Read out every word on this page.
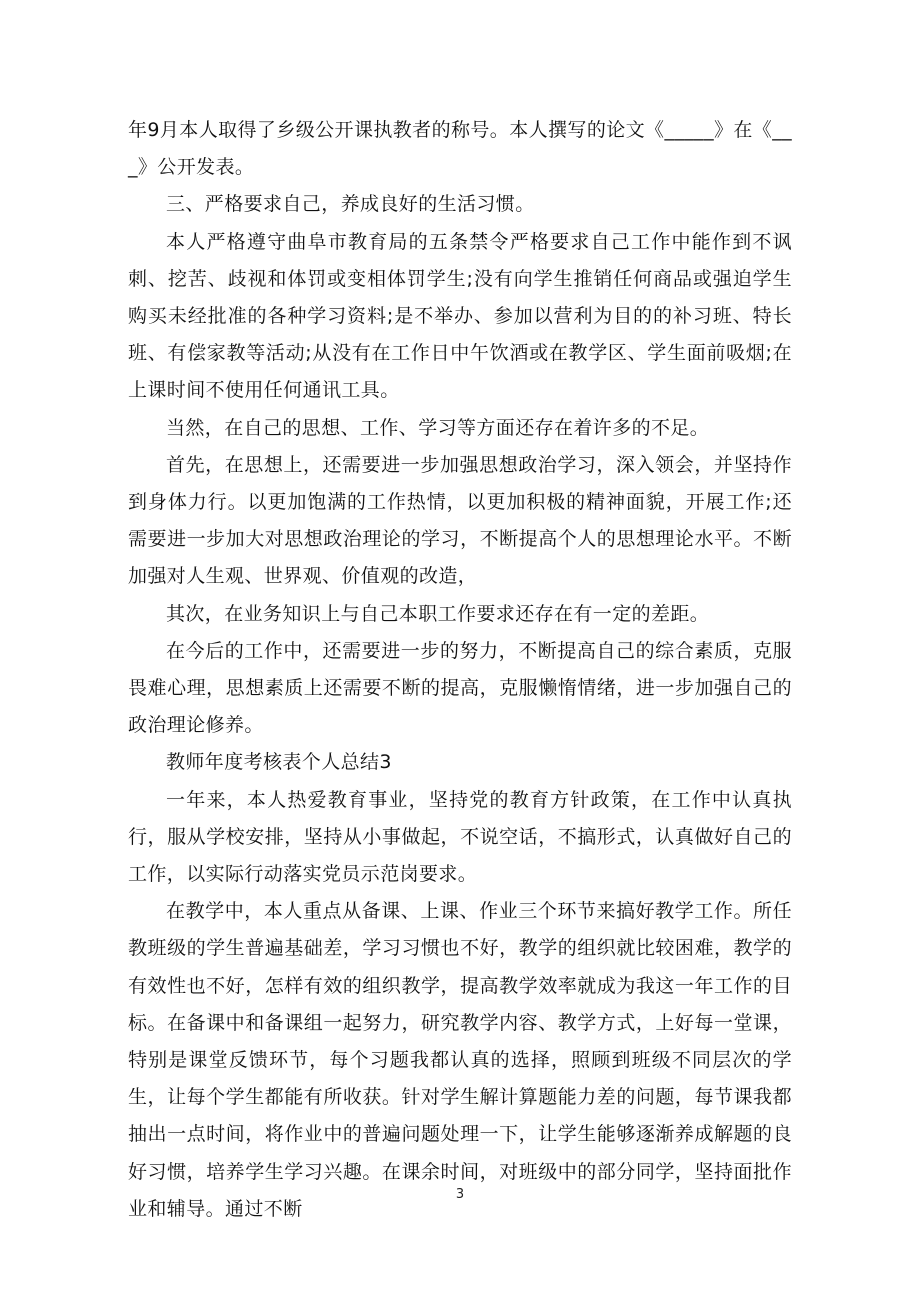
年9月本人取得了乡级公开课执教者的称号。本人撰写的论文《_____》在《___》公开发表。

三、严格要求自己，养成良好的生活习惯。

本人严格遵守曲阜市教育局的五条禁令严格要求自己工作中能作到不讽刺、挖苦、歧视和体罚或变相体罚学生;没有向学生推销任何商品或强迫学生购买未经批准的各种学习资料;是不举办、参加以营利为目的的补习班、特长班、有偿家教等活动;从没有在工作日中午饮酒或在教学区、学生面前吸烟;在上课时间不使用任何通讯工具。

当然，在自己的思想、工作、学习等方面还存在着许多的不足。

首先，在思想上，还需要进一步加强思想政治学习，深入领会，并坚持作到身体力行。以更加饱满的工作热情，以更加积极的精神面貌，开展工作;还需要进一步加大对思想政治理论的学习，不断提高个人的思想理论水平。不断加强对人生观、世界观、价值观的改造，

其次，在业务知识上与自己本职工作要求还存在有一定的差距。

在今后的工作中，还需要进一步的努力，不断提高自己的综合素质，克服畏难心理，思想素质上还需要不断的提高，克服懒惰情绪，进一步加强自己的政治理论修养。

教师年度考核表个人总结3

一年来，本人热爱教育事业，坚持党的教育方针政策，在工作中认真执行，服从学校安排，坚持从小事做起，不说空话，不搞形式，认真做好自己的工作，以实际行动落实党员示范岗要求。

在教学中，本人重点从备课、上课、作业三个环节来搞好教学工作。所任教班级的学生普遍基础差，学习习惯也不好，教学的组织就比较困难，教学的有效性也不好，怎样有效的组织教学，提高教学效率就成为我这一年工作的目标。在备课中和备课组一起努力，研究教学内容、教学方式，上好每一堂课，特别是课堂反馈环节，每个习题我都认真的选择，照顾到班级不同层次的学生，让每个学生都能有所收获。针对学生解计算题能力差的问题，每节课我都抽出一点时间，将作业中的普遍问题处理一下，让学生能够逐渐养成解题的良好习惯，培养学生学习兴趣。在课余时间，对班级中的部分同学，坚持面批作业和辅导。通过不断

3
